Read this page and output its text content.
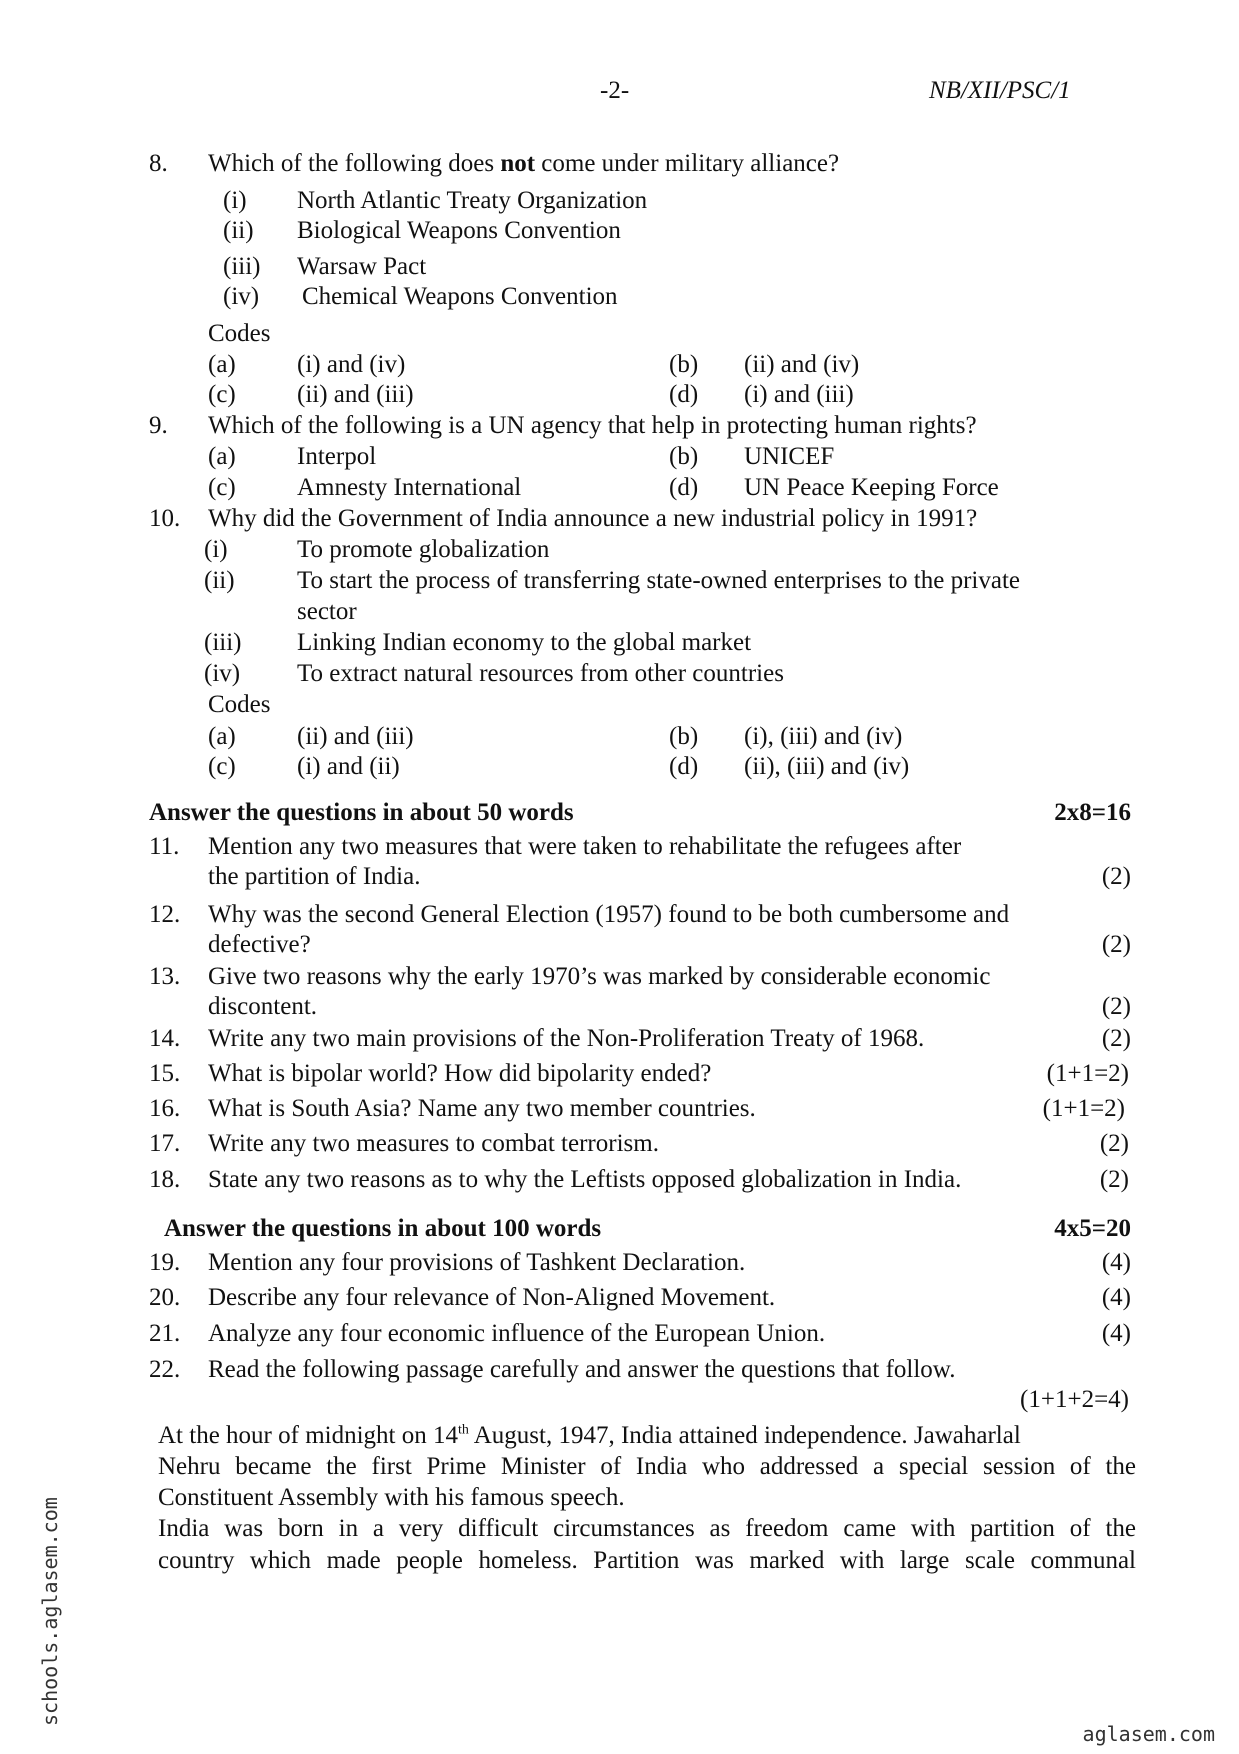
-2-	NB/XII/PSC/1
8. Which of the following does not come under military alliance?
(i) North Atlantic Treaty Organization
(ii) Biological Weapons Convention
(iii) Warsaw Pact
(iv) Chemical Weapons Convention
Codes
(a) (i) and (iv)	(b) (ii) and (iv)
(c) (ii) and (iii)	(d) (i) and (iii)
9. Which of the following is a UN agency that help in protecting human rights?
(a) Interpol	(b) UNICEF
(c) Amnesty International	(d) UN Peace Keeping Force
10. Why did the Government of India announce a new industrial policy in 1991?
(i)	To promote globalization
(ii) To start the process of transferring state-owned enterprises to the private
sector
(iii) Linking Indian economy to the global market
(iv) To extract natural resources from other countries
Codes
(a) (ii) and (iii)	(b) (i), (iii) and (iv)
(c) (i) and (ii)	(d) (ii), (iii) and (iv)
Answer the questions in about 50 words	2x8=16
11. Mention any two measures that were taken to rehabilitate the refugees after
the partition of India.	(2)
12. Why was the second General Election (1957) found to be both cumbersome and
defective?	(2)
13. Give two reasons why the early 1970’s was marked by considerable economic
discontent.	(2)
14. Write any two main provisions of the Non-Proliferation Treaty of 1968.	(2)
15. What is bipolar world? How did bipolarity ended?	(1+1=2)
16. What is South Asia? Name any two member countries.	(1+1=2)
17. Write any two measures to combat terrorism.	(2)
18. State any two reasons as to why the Leftists opposed globalization in India.	(2)
Answer the questions in about 100 words	4x5=20
19. Mention any four provisions of Tashkent Declaration.	(4)
20. Describe any four relevance of Non-Aligned Movement.	(4)
21. Analyze any four economic influence of the European Union.	(4)
22. Read the following passage carefully and answer the questions that follow.
(1+1+2=4)
At the hour of midnight on 14th August, 1947, India attained independence. Jawaharlal
Nehru became the first Prime Minister of India who addressed a special session of the
Constituent Assembly with his famous speech.
India was born in a very difficult circumstances as freedom came with partition of the
country which made people homeless. Partition was marked with large scale communal
schools.aglasem.com
aglasem.com
